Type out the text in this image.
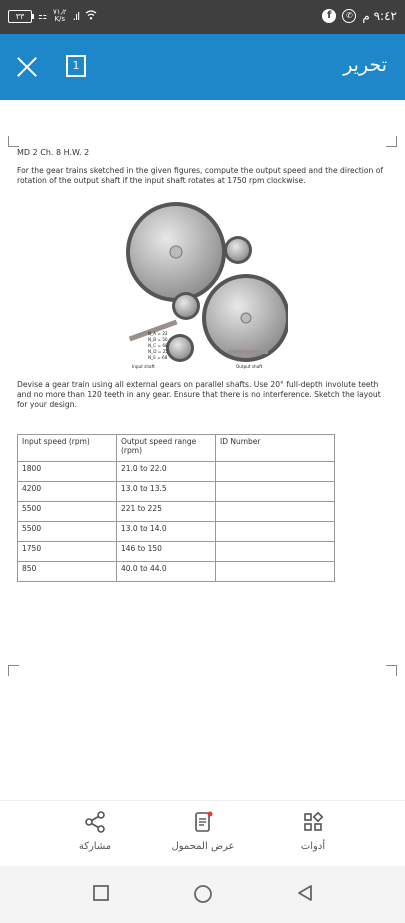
٣٣	⚏ ٧١٫٢
K/s .ıl	f	✆ ٩:٤٢ م
1	تحرير
MD 2 Ch. 8 H.W. 2
For the gear trains sketched in the given figures, compute the output speed and the direction of rotation of the output shaft if the input shaft rotates at 1750 rpm clockwise.
N_A = 22
N_B = 50
N_C = 68
N_D = 25
N_E = 68
Input shaft	Output shaft
Devise a gear train using all external gears on parallel shafts. Use 20° full-depth involute teeth and no more than 120 teeth in any gear. Ensure that there is no interference. Sketch the layout for your design.
Input speed (rpm)	Output speed range (rpm)	ID Number
1800	21.0 to 22.0	
4200	13.0 to 13.5	
5500	221 to 225	
5500	13.0 to 14.0	
1750	146 to 150	
850	40.0 to 44.0	
مشاركة	عرض المحمول	أدوات
